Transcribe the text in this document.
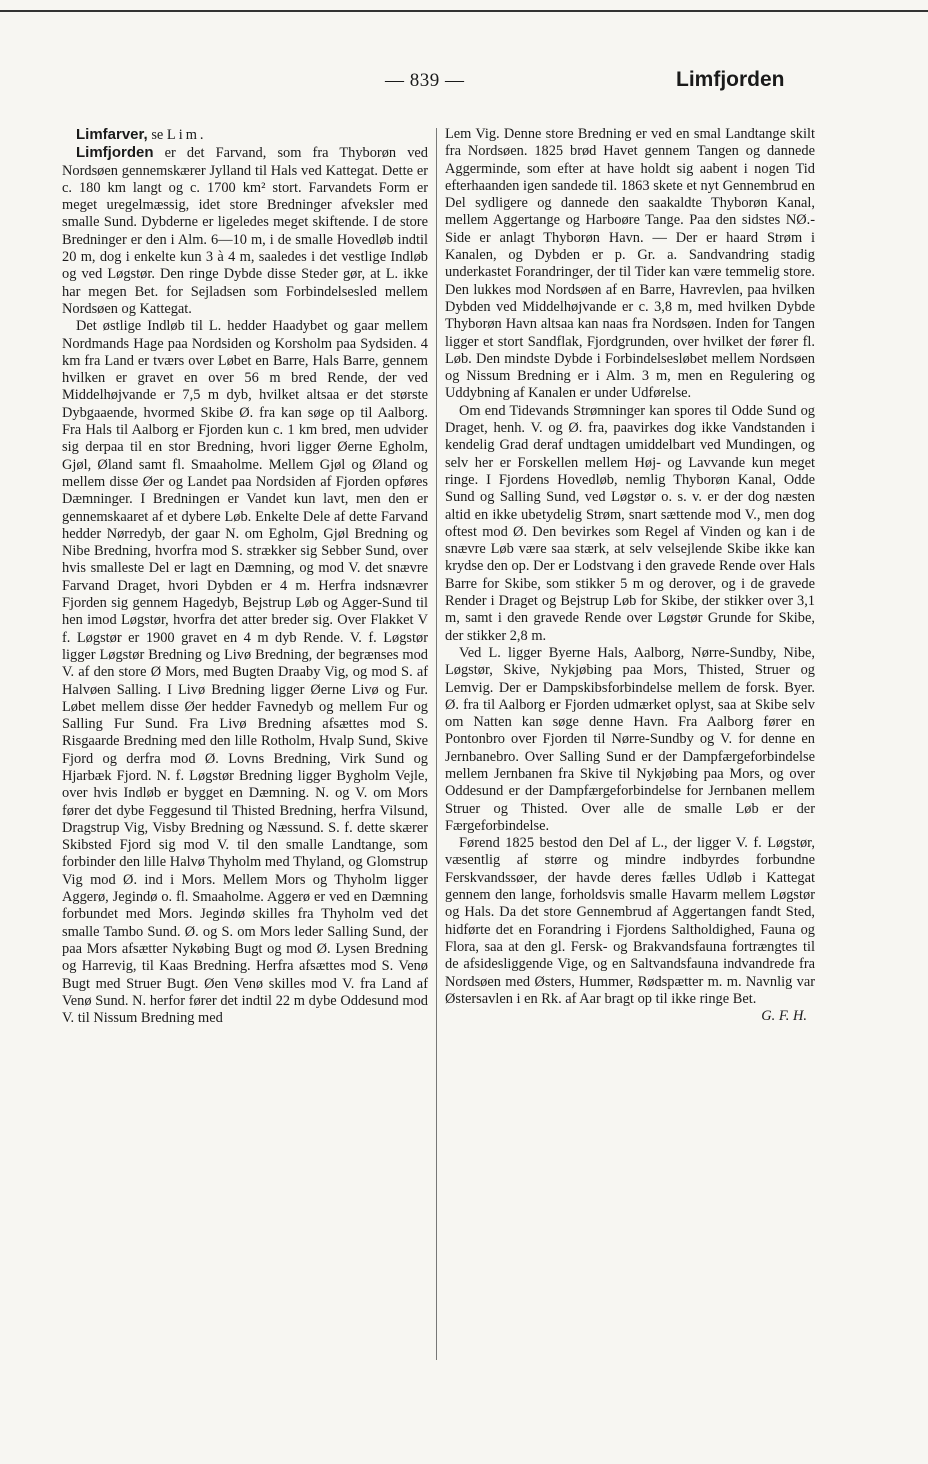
— 839 —	Limfjorden

Limfarver, se Lim.

Limfjorden er det Farvand, som fra Thyborøn ved Nordsøen gennemskærer Jylland til Hals ved Kattegat. Dette er c. 180 km langt og c. 1700 km² stort. Farvandets Form er meget uregelmæssig, idet store Bredninger afveksler med smalle Sund. Dybderne er ligeledes meget skiftende. I de store Bredninger er den i Alm. 6—10 m, i de smalle Hovedløb indtil 20 m, dog i enkelte kun 3 à 4 m, saaledes i det vestlige Indløb og ved Løgstør. Den ringe Dybde disse Steder gør, at L. ikke har megen Bet. for Sejladsen som Forbindelsesled mellem Nordsøen og Kattegat.

Det østlige Indløb til L. hedder Haadybet og gaar mellem Nordmands Hage paa Nordsiden og Korsholm paa Sydsiden. 4 km fra Land er tværs over Løbet en Barre, Hals Barre, gennem hvilken er gravet en over 56 m bred Rende, der ved Middelhøjvande er 7,5 m dyb, hvilket altsaa er det største Dybgaaende, hvormed Skibe Ø. fra kan søge op til Aalborg. Fra Hals til Aalborg er Fjorden kun c. 1 km bred, men udvider sig derpaa til en stor Bredning, hvori ligger Øerne Egholm, Gjøl, Øland samt fl. Smaaholme. Mellem Gjøl og Øland og mellem disse Øer og Landet paa Nordsiden af Fjorden opføres Dæmninger. I Bredningen er Vandet kun lavt, men den er gennemskaaret af et dybere Løb. Enkelte Dele af dette Farvand hedder Nørredyb, der gaar N. om Egholm, Gjøl Bredning og Nibe Bredning, hvorfra mod S. strækker sig Sebber Sund, over hvis smalleste Del er lagt en Dæmning, og mod V. det snævre Farvand Draget, hvori Dybden er 4 m. Herfra indsnævrer Fjorden sig gennem Hagedyb, Bejstrup Løb og Agger-Sund til hen imod Løgstør, hvorfra det atter breder sig. Over Flakket V f. Løgstør er 1900 gravet en 4 m dyb Rende. V. f. Løgstør ligger Løgstør Bredning og Livø Bredning, der begrænses mod V. af den store Ø Mors, med Bugten Draaby Vig, og mod S. af Halvøen Salling. I Livø Bredning ligger Øerne Livø og Fur. Løbet mellem disse Øer hedder Favnedyb og mellem Fur og Salling Fur Sund. Fra Livø Bredning afsættes mod S. Risgaarde Bredning med den lille Rotholm, Hvalp Sund, Skive Fjord og derfra mod Ø. Lovns Bredning, Virk Sund og Hjarbæk Fjord. N. f. Løgstør Bredning ligger Bygholm Vejle, over hvis Indløb er bygget en Dæmning. N. og V. om Mors fører det dybe Feggesund til Thisted Bredning, herfra Vilsund, Dragstrup Vig, Visby Bredning og Næssund. S. f. dette skærer Skibsted Fjord sig mod V. til den smalle Landtange, som forbinder den lille Halvø Thyholm med Thyland, og Glomstrup Vig mod Ø. ind i Mors. Mellem Mors og Thyholm ligger Aggerø, Jegindø o. fl. Smaaholme. Aggerø er ved en Dæmning forbundet med Mors. Jegindø skilles fra Thyholm ved det smalle Tambo Sund. Ø. og S. om Mors leder Salling Sund, der paa Mors afsætter Nykøbing Bugt og mod Ø. Lysen Bredning og Harrevig, til Kaas Bredning. Herfra afsættes mod S. Venø Bugt med Struer Bugt. Øen Venø skilles mod V. fra Land af Venø Sund. N. herfor fører det indtil 22 m dybe Oddesund mod V. til Nissum Bredning med

Lem Vig. Denne store Bredning er ved en smal Landtange skilt fra Nordsøen. 1825 brød Havet gennem Tangen og dannede Aggerminde, som efter at have holdt sig aabent i nogen Tid efterhaanden igen sandede til. 1863 skete et nyt Gennembrud en Del sydligere og dannede den saakaldte Thyborøn Kanal, mellem Aggertange og Harboøre Tange. Paa den sidstes NØ.-Side er anlagt Thyborøn Havn. — Der er haard Strøm i Kanalen, og Dybden er p. Gr. a. Sandvandring stadig underkastet Forandringer, der til Tider kan være temmelig store. Den lukkes mod Nordsøen af en Barre, Havrevlen, paa hvilken Dybden ved Middelhøjvande er c. 3,8 m, med hvilken Dybde Thyborøn Havn altsaa kan naas fra Nordsøen. Inden for Tangen ligger et stort Sandflak, Fjordgrunden, over hvilket der fører fl. Løb. Den mindste Dybde i Forbindelsesløbet mellem Nordsøen og Nissum Bredning er i Alm. 3 m, men en Regulering og Uddybning af Kanalen er under Udførelse.

Om end Tidevands Strømninger kan spores til Odde Sund og Draget, henh. V. og Ø. fra, paavirkes dog ikke Vandstanden i kendelig Grad deraf undtagen umiddelbart ved Mundingen, og selv her er Forskellen mellem Høj- og Lavvande kun meget ringe. I Fjordens Hovedløb, nemlig Thyborøn Kanal, Odde Sund og Salling Sund, ved Løgstør o. s. v. er der dog næsten altid en ikke ubetydelig Strøm, snart sættende mod V., men dog oftest mod Ø. Den bevirkes som Regel af Vinden og kan i de snævre Løb være saa stærk, at selv velsejlende Skibe ikke kan krydse den op. Der er Lodstvang i den gravede Rende over Hals Barre for Skibe, som stikker 5 m og derover, og i de gravede Render i Draget og Bejstrup Løb for Skibe, der stikker over 3,1 m, samt i den gravede Rende over Løgstør Grunde for Skibe, der stikker 2,8 m.

Ved L. ligger Byerne Hals, Aalborg, Nørre-Sundby, Nibe, Løgstør, Skive, Nykjøbing paa Mors, Thisted, Struer og Lemvig. Der er Dampskibsforbindelse mellem de forsk. Byer. Ø. fra til Aalborg er Fjorden udmærket oplyst, saa at Skibe selv om Natten kan søge denne Havn. Fra Aalborg fører en Pontonbro over Fjorden til Nørre-Sundby og V. for denne en Jernbanebro. Over Salling Sund er der Dampfærgeforbindelse mellem Jernbanen fra Skive til Nykjøbing paa Mors, og over Oddesund er der Dampfærgeforbindelse for Jernbanen mellem Struer og Thisted. Over alle de smalle Løb er der Færgeforbindelse.

Førend 1825 bestod den Del af L., der ligger V. f. Løgstør, væsentlig af større og mindre indbyrdes forbundne Ferskvandssøer, der havde deres fælles Udløb i Kattegat gennem den lange, forholdsvis smalle Havarm mellem Løgstør og Hals. Da det store Gennembrud af Aggertangen fandt Sted, hidførte det en Forandring i Fjordens Saltholdighed, Fauna og Flora, saa at den gl. Fersk- og Brakvandsfauna fortrængtes til de afsidesliggende Vige, og en Saltvandsfauna indvandrede fra Nordsøen med Østers, Hummer, Rødspætter m. m. Navnlig var Østersavlen i en Rk. af Aar bragt op til ikke ringe Bet.
G. F. H.
